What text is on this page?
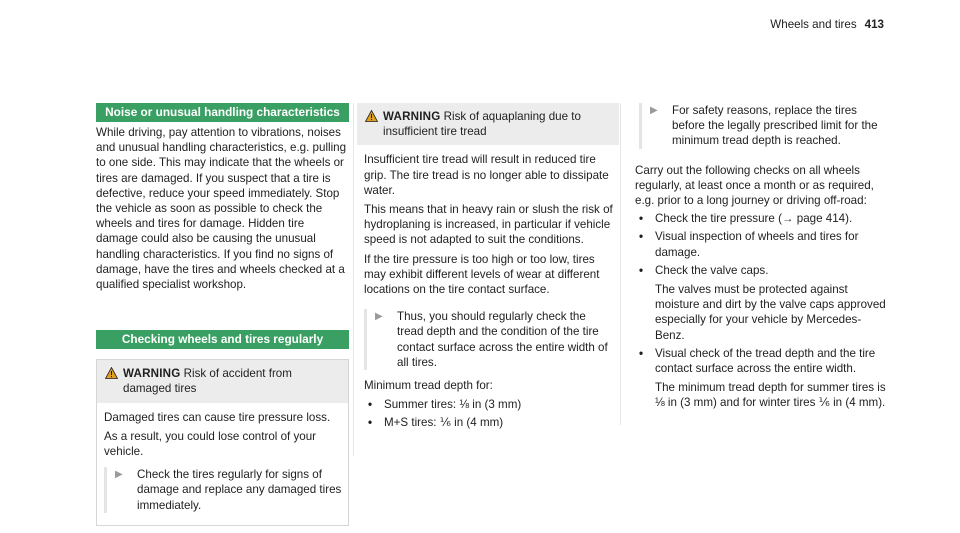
Wheels and tires 413
Noise or unusual handling characteristics

While driving, pay attention to vibrations, noises and unusual handling characteristics, e.g. pulling to one side. This may indicate that the wheels or tires are damaged. If you suspect that a tire is defective, reduce your speed immediately. Stop the vehicle as soon as possible to check the wheels and tires for damage. Hidden tire damage could also be causing the unusual handling characteristics. If you find no signs of damage, have the tires and wheels checked at a qualified specialist workshop.

Checking wheels and tires regularly
WARNING Risk of accident from damaged tires

Damaged tires can cause tire pressure loss.

As a result, you could lose control of your vehicle.

▶	Check the tires regularly for signs of damage and replace any damaged tires immediately.
WARNING Risk of aquaplaning due to insufficient tire tread

Insufficient tire tread will result in reduced tire grip. The tire tread is no longer able to dissipate water.

This means that in heavy rain or slush the risk of hydroplaning is increased, in particular if vehicle speed is not adapted to suit the conditions.

If the tire pressure is too high or too low, tires may exhibit different levels of wear at different locations on the tire contact surface.

▶	Thus, you should regularly check the tread depth and the condition of the tire contact surface across the entire width of all tires.

Minimum tread depth for:

•	Summer tires: ⅛ in (3 mm)
•	M+S tires: ⅙ in (4 mm)
▶	For safety reasons, replace the tires before the legally prescribed limit for the minimum tread depth is reached.

Carry out the following checks on all wheels regularly, at least once a month or as required, e.g. prior to a long journey or driving off-road:

•	Check the tire pressure (→ page 414).
•	Visual inspection of wheels and tires for damage.
•	Check the valve caps.

The valves must be protected against moisture and dirt by the valve caps approved especially for your vehicle by Mercedes-Benz.
•	Visual check of the tread depth and the tire contact surface across the entire width.

The minimum tread depth for summer tires is ⅛ in (3 mm) and for winter tires ⅙ in (4 mm).
